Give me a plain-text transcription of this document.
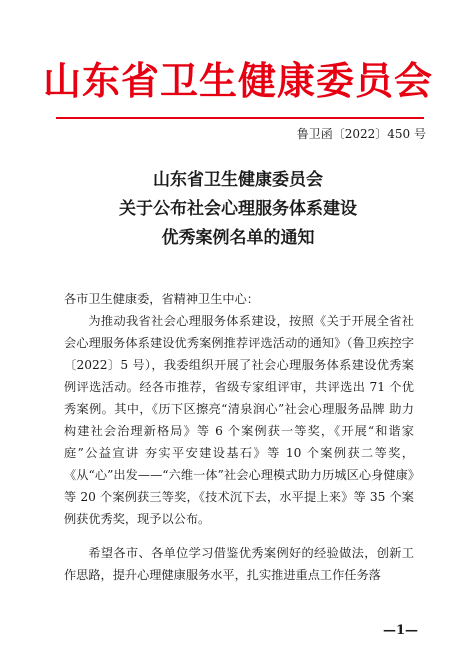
山东省卫生健康委员会
鲁卫函〔2022〕450 号
山东省卫生健康委员会
关于公布社会心理服务体系建设
优秀案例名单的通知

各市卫生健康委，省精神卫生中心：

为推动我省社会心理服务体系建设，按照《关于开展全省社会心理服务体系建设优秀案例推荐评选活动的通知》（鲁卫疾控字〔2022〕5 号），我委组织开展了社会心理服务体系建设优秀案例评选活动。经各市推荐，省级专家组评审，共评选出 71 个优秀案例。其中，《历下区擦亮“清泉润心”社会心理服务品牌 助力构建社会治理新格局》等 6 个案例获一等奖，《开展“和谐家庭”公益宣讲 夯实平安建设基石》等 10 个案例获二等奖，《从“心”出发——“六维一体”社会心理模式助力历城区心身健康》等 20 个案例获三等奖，《技术沉下去，水平提上来》等 35 个案例获优秀奖，现予以公布。

希望各市、各单位学习借鉴优秀案例好的经验做法，创新工作思路，提升心理健康服务水平，扎实推进重点工作任务落

—1—
